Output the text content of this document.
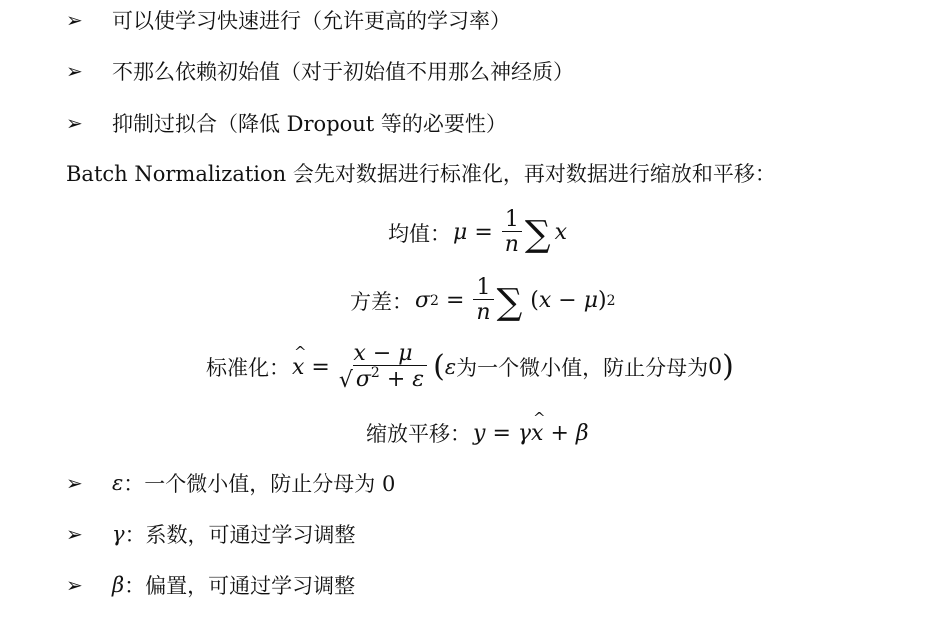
➢	可以使学习快速进行（允许更高的学习率）
➢	不那么依赖初始值（对于初始值不用那么神经质）
➢	抑制过拟合（降低 Dropout 等的必要性）
Batch Normalization 会先对数据进行标准化，再对数据进行缩放和平移：
均值： $\mu = \frac{1}{n}$ ∑ x
方差： σ $2 = \frac{1}{n}$ ∑ ( x − μ ) 2
标准化： ^ x =
x − μ
√ $\sigma^2 + \varepsilon$ ( ε 为一个微小值，防止分母为 0 )
缩放平移： y = γ ^ x + β
➢	ε ：一个微小值，防止分母为 0
➢	γ ：系数，可通过学习调整
➢	β ：偏置，可通过学习调整
